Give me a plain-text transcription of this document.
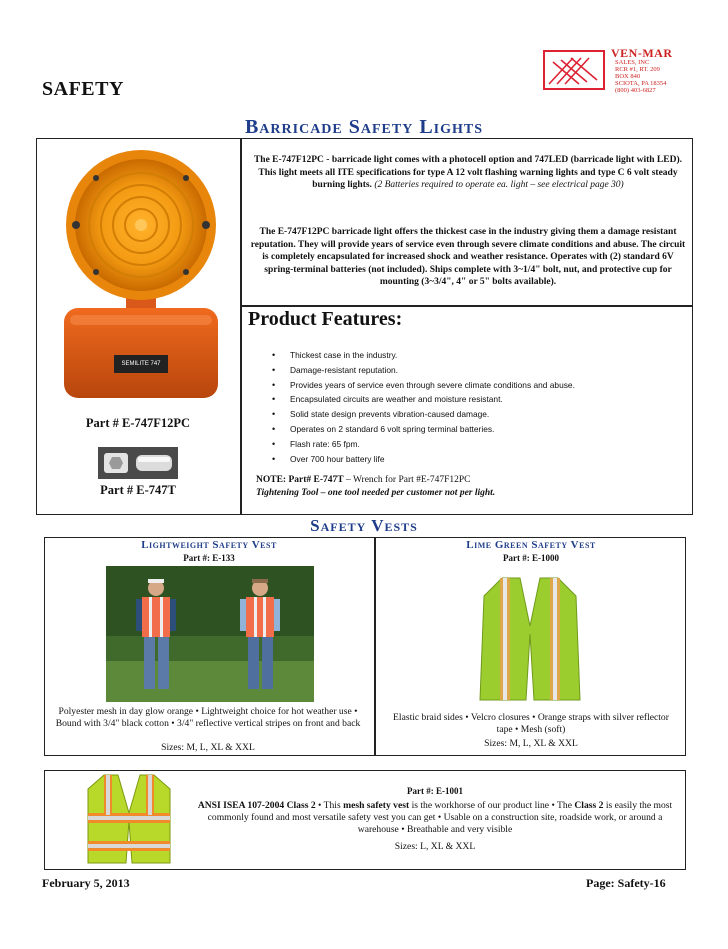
SAFETY
VEN-MAR
SALES, INC
RCR #1, RT. 209
BOX 840
SCIOTA, PA 18354
(800) 403-6827
Barricade Safety Lights
SEMILITE 747
Part # E-747F12PC
Part # E-747T
The E-747F12PC - barricade light comes with a photocell option and 747LED (barricade light with LED). This light meets all ITE specifications for type A 12 volt flashing warning lights and type C 6 volt steady burning lights. (2 Batteries required to operate ea. light – see electrical page 30)
The E-747F12PC barricade light offers the thickest case in the industry giving them a damage resistant reputation. They will provide years of service even through severe climate conditions and abuse. The circuit is completely encapsulated for increased shock and weather resistance. Operates with (2) standard 6V spring-terminal batteries (not included). Ships complete with 3~1/4" bolt, nut, and protective cup for mounting (3~3/4", 4" or 5" bolts available).
Product Features:
• Thickest case in the industry.
• Damage-resistant reputation.
• Provides years of service even through severe climate conditions and abuse.
• Encapsulated circuits are weather and moisture resistant.
• Solid state design prevents vibration-caused damage.
• Operates on 2 standard 6 volt spring terminal batteries.
• Flash rate: 65 fpm.
• Over 700 hour battery life
NOTE: Part# E-747T – Wrench for Part #E-747F12PC
Tightening Tool – one tool needed per customer not per light.
Safety Vests
Lightweight Safety Vest
Part #: E-133
Polyester mesh in day glow orange • Lightweight choice for hot weather use • Bound with 3/4" black cotton • 3/4" reflective vertical stripes on front and back
Sizes: M, L, XL & XXL
Lime Green Safety Vest
Part #: E-1000
Elastic braid sides • Velcro closures • Orange straps with silver reflector tape • Mesh (soft)
Sizes: M, L, XL & XXL
Part #: E-1001
ANSI ISEA 107-2004 Class 2 • This mesh safety vest is the workhorse of our product line • The Class 2 is easily the most commonly found and most versatile safety vest you can get • Usable on a construction site, roadside work, or around a warehouse • Breathable and very visible
Sizes: L, XL & XXL
February 5, 2013	Page: Safety-16
